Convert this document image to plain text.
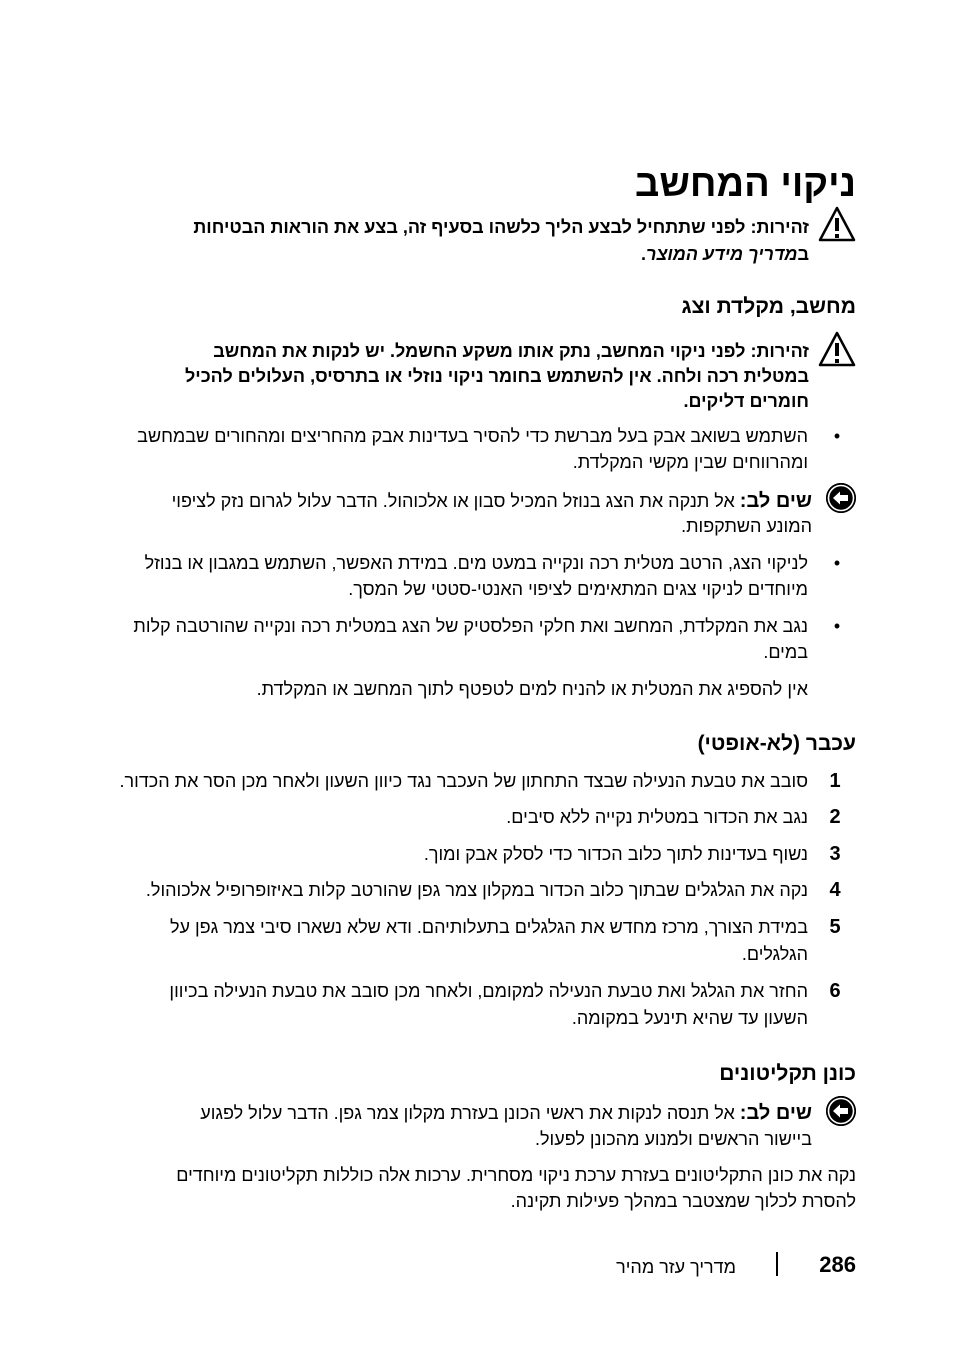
ניקוי המחשב
זהירות: לפני שתתחיל לבצע הליך כלשהו בסעיף זה, בצע את הוראות הבטיחות
במדריך מידע המוצר.
מחשב, מקלדת וצג
זהירות: לפני ניקוי המחשב, נתק אותו משקע החשמל. יש לנקות את המחשב
במטלית רכה ולחה. אין להשתמש בחומר ניקוי נוזלי או בתרסיס, העלולים להכיל
חומרים דליקים.
•
השתמש בשואב אבק בעל מברשת כדי להסיר בעדינות אבק מהחריצים ומהחורים שבמחשב
ומהרווחים שבין מקשי המקלדת.
שים לב: אל תנקה את הצג בנוזל המכיל סבון או אלכוהול. הדבר עלול לגרום נזק לציפוי
המונע השתקפות.
•
לניקוי הצג, הרטב מטלית רכה ונקייה במעט מים. במידת האפשר, השתמש במגבון או בנוזל
מיוחדים לניקוי צגים המתאימים לציפוי האנטי-סטטי של המסך.
•
נגב את המקלדת, המחשב ואת חלקי הפלסטיק של הצג במטלית רכה ונקייה שהורטבה קלות
במים.
אין להספיג את המטלית או להניח למים לטפטף לתוך המחשב או המקלדת.
עכבר (לא-אופטי)
1
סובב את טבעת הנעילה שבצד התחתון של העכבר נגד כיוון השעון ולאחר מכן הסר את הכדור.
2
נגב את הכדור במטלית נקייה ללא סיבים.
3
נשוף בעדינות לתוך כלוב הכדור כדי לסלק אבק ומוך.
4
נקה את הגלגלים שבתוך כלוב הכדור במקלון צמר גפן שהורטב קלות באיזופרופיל אלכוהול.
5
במידת הצורך, מרכז מחדש את הגלגלים בתעלותיהם. ודא שלא נשארו סיבי צמר גפן על
הגלגלים.
6
החזר את הגלגל ואת טבעת הנעילה למקומם, ולאחר מכן סובב את טבעת הנעילה בכיוון
השעון עד שהיא תינעל במקומה.
כונן תקליטונים
שים לב: אל תנסה לנקות את ראשי הכונן בעזרת מקלון צמר גפן. הדבר עלול לפגוע
ביישור הראשים ולמנוע מהכונן לפעול.
נקה את כונן התקליטונים בעזרת ערכת ניקוי מסחרית. ערכות אלה כוללות תקליטונים מיוחדים
להסרת לכלוך שמצטבר במהלך פעילות תקינה.
286
מדריך עזר מהיר
